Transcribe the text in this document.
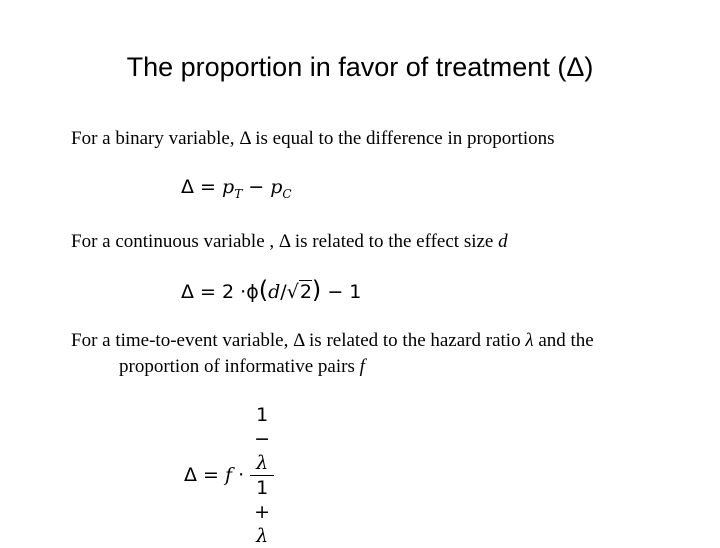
The proportion in favor of treatment (Δ)
For a binary variable, Δ is equal to the difference in proportions
$\Delta = p_T - p_C$
For a continuous variable , Δ is related to the effect size d
Δ = 2 ·ϕ(d/√2) − 1
For a time-to-event variable, Δ is related to the hazard ratio λ and the
proportion of informative pairs f
Δ = f · 1
−
λ
1
+
λ
